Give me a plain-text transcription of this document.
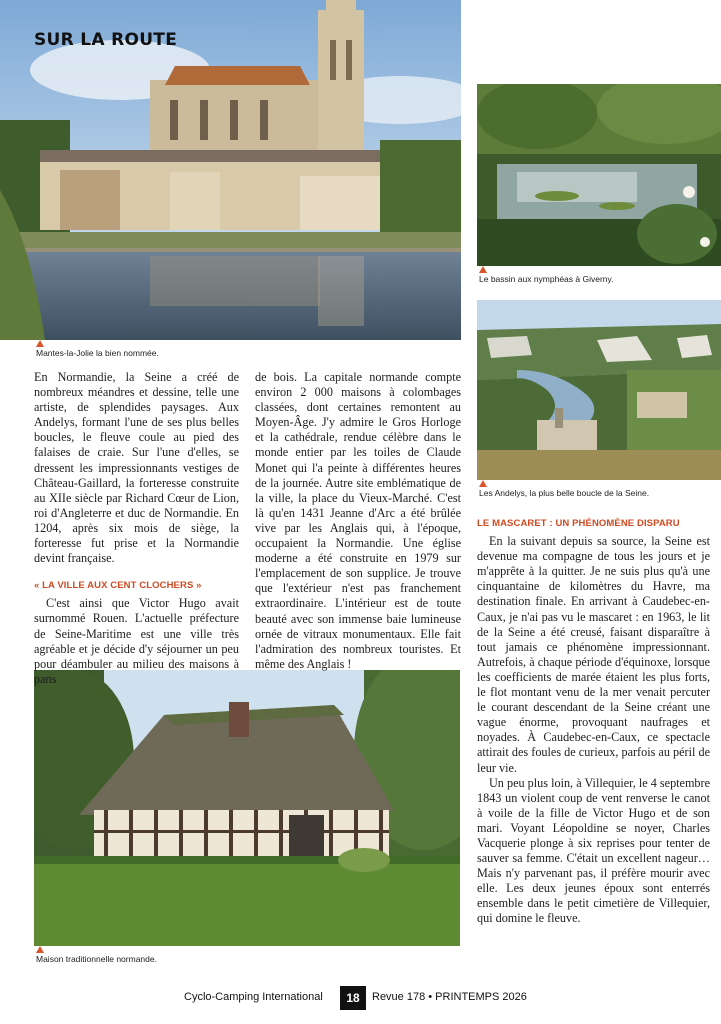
SUR LA ROUTE
Mantes-la-Jolie la bien nommée.
Le bassin aux nymphéas à Giverny.
Les Andelys, la plus belle boucle de la Seine.
Maison traditionnelle normande.

En Normandie, la Seine a créé de nombreux méandres et dessine, telle une artiste, de splendides paysages. Aux Andelys, formant l'une de ses plus belles boucles, le fleuve coule au pied des falaises de craie. Sur l'une d'elles, se dressent les impressionnants vestiges de Château-Gaillard, la forteresse construite au XIIe siècle par Richard Cœur de Lion, roi d'Angleterre et duc de Normandie. En 1204, après six mois de siège, la forteresse fut prise et la Normandie devint française.

« LA VILLE AUX CENT CLOCHERS »

C'est ainsi que Victor Hugo avait surnommé Rouen. L'actuelle préfecture de Seine-Maritime est une ville très agréable et je décide d'y séjourner un peu pour déambuler au milieu des maisons à pans

de bois. La capitale normande compte environ 2 000 maisons à colombages classées, dont certaines remontent au Moyen-Âge. J'y admire le Gros Horloge et la cathédrale, rendue célèbre dans le monde entier par les toiles de Claude Monet qui l'a peinte à différentes heures de la journée. Autre site emblématique de la ville, la place du Vieux-Marché. C'est là qu'en 1431 Jeanne d'Arc a été brûlée vive par les Anglais qui, à l'époque, occupaient la Normandie. Une église moderne a été construite en 1979 sur l'emplacement de son supplice. Je trouve que l'extérieur n'est pas franchement extraordinaire. L'intérieur est de toute beauté avec son immense baie lumineuse ornée de vitraux monumentaux. Elle fait l'admiration des nombreux touristes. Et même des Anglais !

LE MASCARET : UN PHÉNOMÈNE DISPARU

En la suivant depuis sa source, la Seine est devenue ma compagne de tous les jours et je m'apprête à la quitter. Je ne suis plus qu'à une cinquantaine de kilomètres du Havre, ma destination finale. En arrivant à Caudebec-en-Caux, je n'ai pas vu le mascaret : en 1963, le lit de la Seine a été creusé, faisant disparaître à tout jamais ce phénomène impressionnant. Autrefois, à chaque période d'équinoxe, lorsque les coefficients de marée étaient les plus forts, le flot montant venu de la mer venait percuter le courant descendant de la Seine créant une vague énorme, provoquant naufrages et noyades. À Caudebec-en-Caux, ce spectacle attirait des foules de curieux, parfois au péril de leur vie.

Un peu plus loin, à Villequier, le 4 septembre 1843 un violent coup de vent renverse le canot à voile de la fille de Victor Hugo et de son mari. Voyant Léopoldine se noyer, Charles Vacquerie plonge à six reprises pour tenter de sauver sa femme. C'était un excellent nageur… Mais n'y parvenant pas, il préfère mourir avec elle. Les deux jeunes époux sont enterrés ensemble dans le petit cimetière de Villequier, qui domine le fleuve.

Cyclo-Camping International	18	Revue 178 • PRINTEMPS 2026
